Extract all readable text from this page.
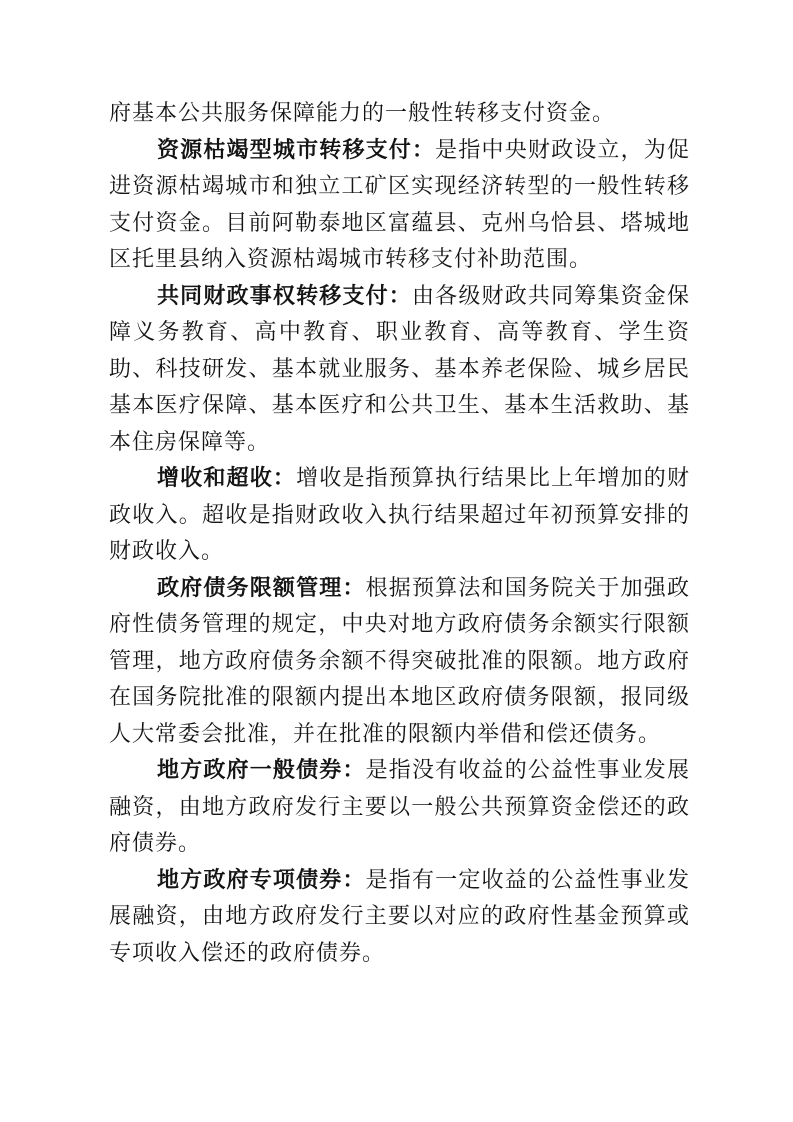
府基本公共服务保障能力的一般性转移支付资金。

资源枯竭型城市转移支付：是指中央财政设立，为促进资源枯竭城市和独立工矿区实现经济转型的一般性转移支付资金。目前阿勒泰地区富蕴县、克州乌恰县、塔城地区托里县纳入资源枯竭城市转移支付补助范围。

共同财政事权转移支付：由各级财政共同筹集资金保障义务教育、高中教育、职业教育、高等教育、学生资助、科技研发、基本就业服务、基本养老保险、城乡居民基本医疗保障、基本医疗和公共卫生、基本生活救助、基本住房保障等。

增收和超收：增收是指预算执行结果比上年增加的财政收入。超收是指财政收入执行结果超过年初预算安排的财政收入。

政府债务限额管理：根据预算法和国务院关于加强政府性债务管理的规定，中央对地方政府债务余额实行限额管理，地方政府债务余额不得突破批准的限额。地方政府在国务院批准的限额内提出本地区政府债务限额，报同级人大常委会批准，并在批准的限额内举借和偿还债务。

地方政府一般债券：是指没有收益的公益性事业发展融资，由地方政府发行主要以一般公共预算资金偿还的政府债券。

地方政府专项债券：是指有一定收益的公益性事业发展融资，由地方政府发行主要以对应的政府性基金预算或专项收入偿还的政府债券。
